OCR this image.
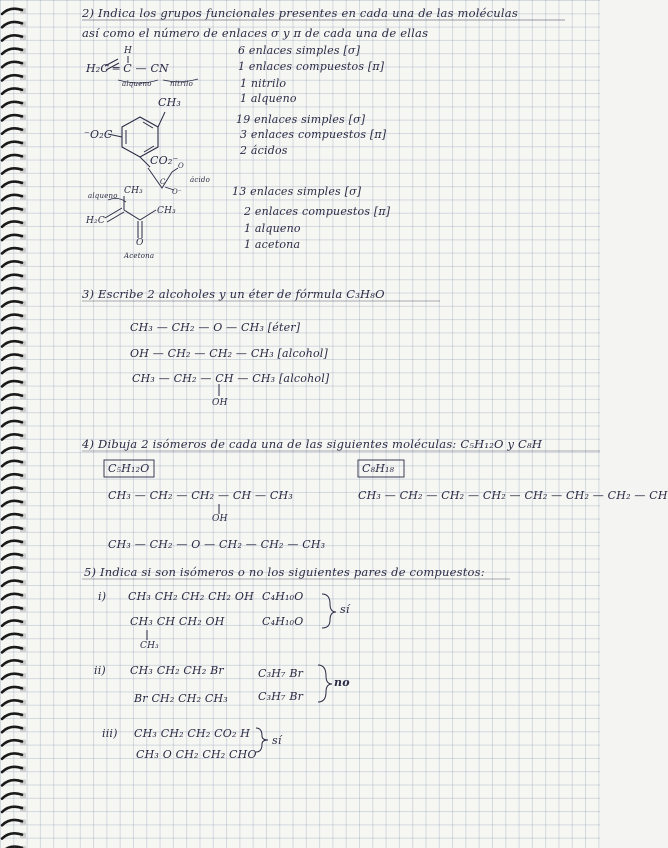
2) Indica los grupos funcionales presentes en cada una de las moléculas
así como el número de enlaces σ y π de cada una de ellas
H
H₂C ═ C — CN
alqueno	nitrilo
6 enlaces simples [σ]
1 enlaces compuestos [π]
1 nitrilo
1 alqueno
CH₃
⁻O₂C
CO₂⁻
C
O
O⁻
ácido
19 enlaces simples [σ]
3 enlaces compuestos [π]
2 ácidos
alqueno CH₃
CH₃
H₂C
O
Acetona
13 enlaces simples [σ]
2 enlaces compuestos [π]
1 alqueno
1 acetona
3) Escribe 2 alcoholes y un éter de fórmula C₃H₈O
CH₃ — CH₂ — O — CH₃ [éter]
OH — CH₂ — CH₂ — CH₃ [alcohol]
CH₃ — CH₂ — CH — CH₃ [alcohol]
OH
4) Dibuja 2 isómeros de cada una de las siguientes moléculas: C₅H₁₂O y C₈H
C₅H₁₂O	C₈H₁₈
CH₃ — CH₂ — CH₂ — CH — CH₃
OH
CH₃ — CH₂ — O — CH₂ — CH₂ — CH₃
CH₃ — CH₂ — CH₂ — CH₂ — CH₂ — CH₂ — CH₂ — CH
5) Indica si son isómeros o no los siguientes pares de compuestos:
i) CH₃ CH₂ CH₂ CH₂ OH
CH₃ CH CH₂ OH
CH₃
C₄H₁₀O
C₄H₁₀O
sí
ii) CH₃ CH₂ CH₂ Br
Br CH₂ CH₂ CH₃
C₃H₇ Br
C₃H₇ Br
no
iii) CH₃ CH₂ CH₂ CO₂ H
CH₃ O CH₂ CH₂ CHO
sí
